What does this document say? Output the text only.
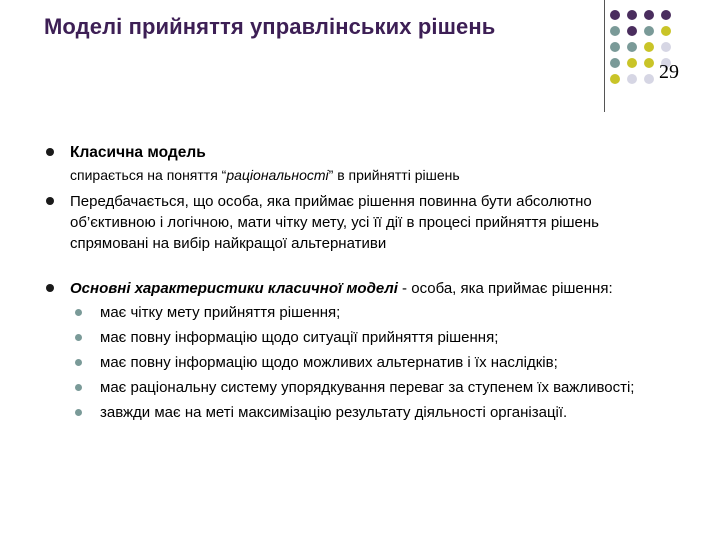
Моделі прийняття управлінських рішень
29
Класична модель
спирається на поняття “раціональності” в прийнятті рішень
Передбачається, що особа, яка приймає рішення повинна бути абсолютно об’єктивною і логічною, мати чітку мету, усі її дії в процесі прийняття рішень спрямовані на вибір найкращої альтернативи
Основні характеристики класичної моделі - особа, яка приймає рішення:
має чітку мету прийняття рішення;
має повну інформацію щодо ситуації прийняття рішення;
має повну інформацію щодо можливих альтернатив і їх наслідків;
має раціональну систему упорядкування переваг за ступенем їх важливості;
завжди має на меті максимізацію результату діяльності організації.
